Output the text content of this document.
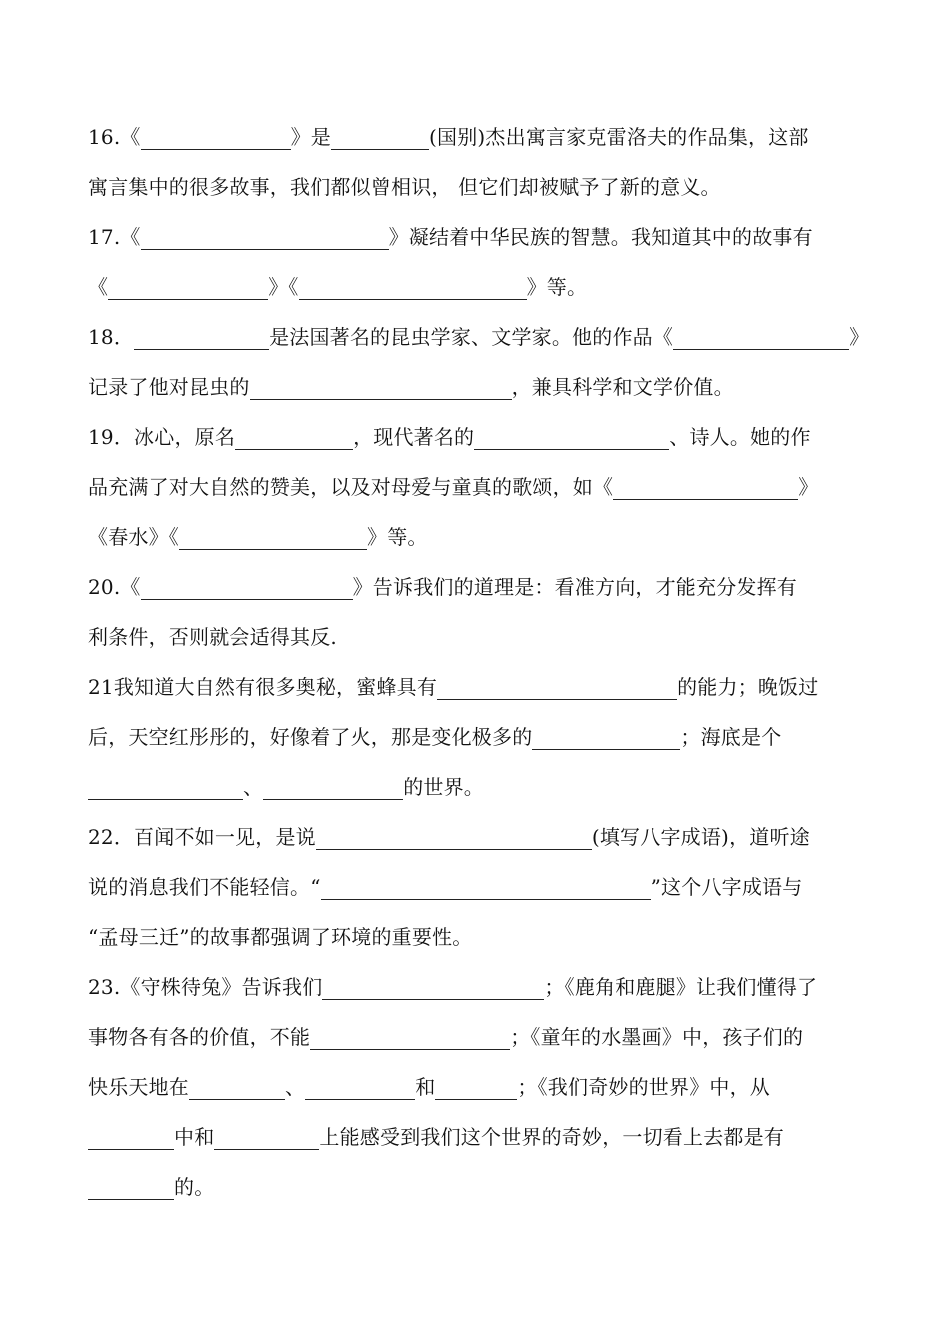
16.《	》是	(国别)杰出寓言家克雷洛夫的作品集，这部
寓言集中的很多故事，我们都似曾相识， 但它们却被赋予了新的意义。
17.《	》凝结着中华民族的智慧。我知道其中的故事有
《	》《	》等。
18．	是法国著名的昆虫学家、文学家。他的作品《	》
记录了他对昆虫的	，兼具科学和文学价值。
19．冰心，原名	，现代著名的	、诗人。她的作
品充满了对大自然的赞美，以及对母爱与童真的歌颂，如《	》
《春水》《	》等。
20.《	》告诉我们的道理是：看准方向，才能充分发挥有
利条件，否则就会适得其反.
21我知道大自然有很多奥秘，蜜蜂具有	的能力；晚饭过
后，天空红彤彤的，好像着了火，那是变化极多的	；海底是个
、	的世界。
22．百闻不如一见，是说	(填写八字成语)，道听途
说的消息我们不能轻信。“	”这个八字成语与
“孟母三迁”的故事都强调了环境的重要性。
23.《守株待兔》告诉我们	；《鹿角和鹿腿》让我们懂得了
事物各有各的价值，不能	；《童年的水墨画》中，孩子们的
快乐天地在	、	和	；《我们奇妙的世界》中，从
中和	上能感受到我们这个世界的奇妙，一切看上去都是有
的。
